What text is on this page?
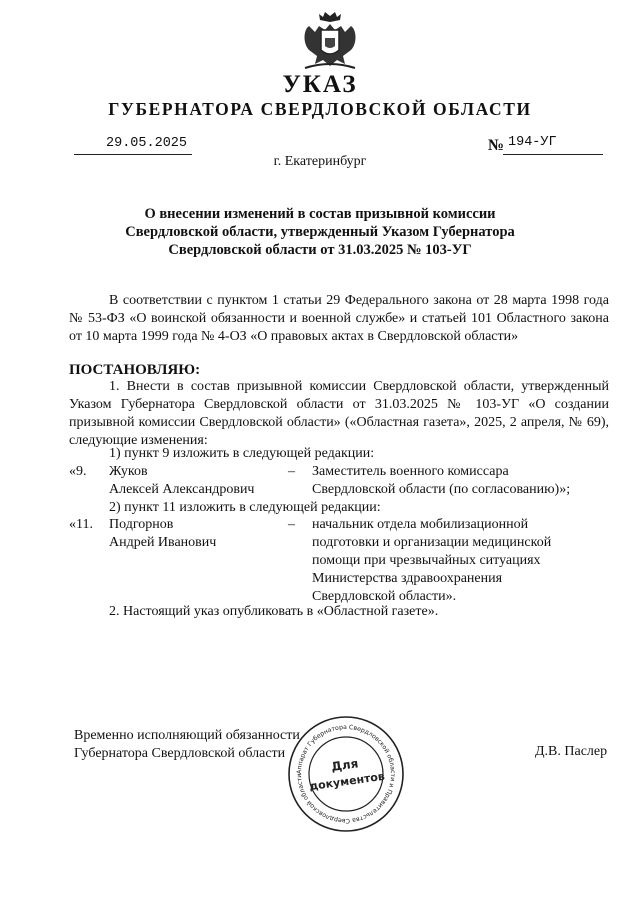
УКАЗ
ГУБЕРНАТОРА СВЕРДЛОВСКОЙ ОБЛАСТИ
29.05.2025	№ 194-УГ
г. Екатеринбург
О внесении изменений в состав призывной комиссии
Свердловской области, утвержденный Указом Губернатора
Свердловской области от 31.03.2025 № 103-УГ
В соответствии с пунктом 1 статьи 29 Федерального закона от 28 марта 1998 года № 53-ФЗ «О воинской обязанности и военной службе» и статьей 101 Областного закона от 10 марта 1999 года № 4-ОЗ «О правовых актах в Свердловской области»
ПОСТАНОВЛЯЮ:
1. Внести в состав призывной комиссии Свердловской области, утвержденный Указом Губернатора Свердловской области от 31.03.2025 № 103-УГ «О создании призывной комиссии Свердловской области» («Областная газета», 2025, 2 апреля, № 69), следующие изменения:
1) пункт 9 изложить в следующей редакции:
«9. Жуков
Алексей Александрович
– Заместитель военного комиссара
Свердловской области (по согласованию)»;
2) пункт 11 изложить в следующей редакции:
«11. Подгорнов
Андрей Иванович
– начальник отдела мобилизационной
подготовки и организации медицинской
помощи при чрезвычайных ситуациях
Министерства здравоохранения
Свердловской области».
2. Настоящий указ опубликовать в «Областной газете».
Временно исполняющий обязанности
Губернатора Свердловской области	Д.В. Паслер
Аппарат Губернатора Свердловской области и Правительства Свердловской области
Для
документов
